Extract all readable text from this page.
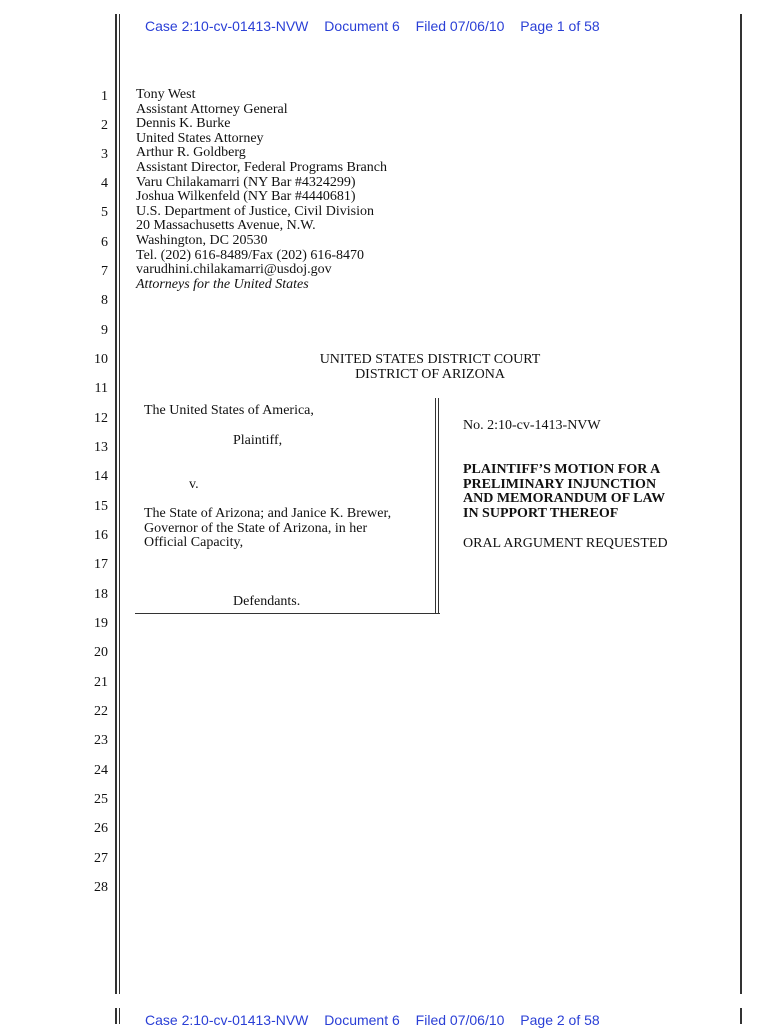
Case 2:10-cv-01413-NVW Document 6 Filed 07/06/10 Page 1 of 58
Case 2:10-cv-01413-NVW Document 6 Filed 07/06/10 Page 2 of 58
1
2
3
4
5
6
7
8
9
10
11
12
13
14
15
16
17
18
19
20
21
22
23
24
25
26
27
28
Tony West
Assistant Attorney General
Dennis K. Burke
United States Attorney
Arthur R. Goldberg
Assistant Director, Federal Programs Branch
Varu Chilakamarri (NY Bar #4324299)
Joshua Wilkenfeld (NY Bar #4440681)
U.S. Department of Justice, Civil Division
20 Massachusetts Avenue, N.W.
Washington, DC 20530
Tel. (202) 616-8489/Fax (202) 616-8470
varudhini.chilakamarri@usdoj.gov
Attorneys for the United States
UNITED STATES DISTRICT COURT
DISTRICT OF ARIZONA
The United States of America,
Plaintiff,
v.
The State of Arizona; and Janice K. Brewer,
Governor of the State of Arizona, in her
Official Capacity,
Defendants.
No. 2:10-cv-1413-NVW
PLAINTIFF’S MOTION FOR A
PRELIMINARY INJUNCTION
AND MEMORANDUM OF LAW
IN SUPPORT THEREOF
ORAL ARGUMENT REQUESTED
